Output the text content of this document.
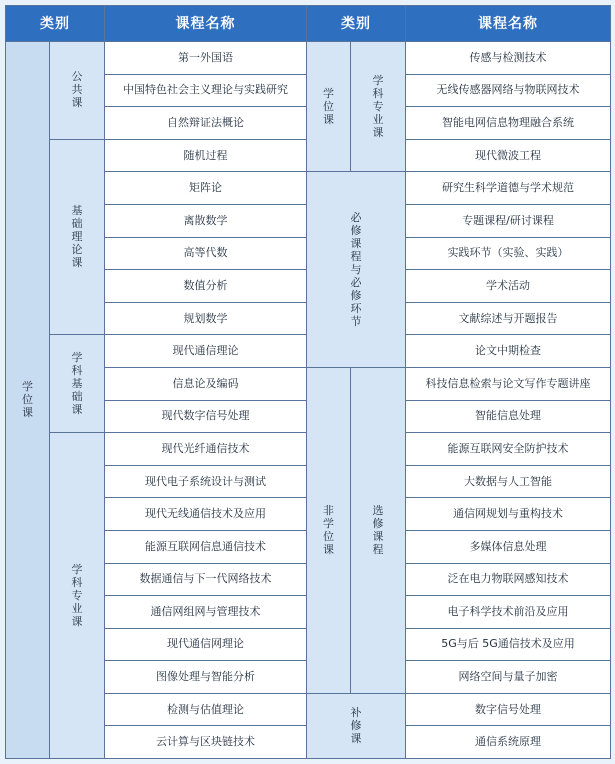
类别		课程名称	类别		课程名称
学位课	公共课	第一外国语	学位课	学科专业课	传感与检测技术
		中国特色社会主义理论与实践研究			无线传感器网络与物联网技术
		自然辩证法概论			智能电网信息物理融合系统
	基础理论课	随机过程			现代微波工程
		矩阵论	必修课程与必修环节		研究生科学道德与学术规范
		离散数学			专题课程/研讨课程
		高等代数			实践环节（实验、实践）
		数值分析			学术活动
		规划数学			文献综述与开题报告
	学科基础课	现代通信理论			论文中期检查
		信息论及编码	非学位课	选修课程	科技信息检索与论文写作专题讲座
		现代数字信号处理			智能信息处理
	学科专业课	现代光纤通信技术			能源互联网安全防护技术
		现代电子系统设计与测试			大数据与人工智能
		现代无线通信技术及应用			通信网规划与重构技术
		能源互联网信息通信技术			多媒体信息处理
		数据通信与下一代网络技术			泛在电力物联网感知技术
		通信网组网与管理技术			电子科学技术前沿及应用
		现代通信网理论			5G与后 5G通信技术及应用
		图像处理与智能分析			网络空间与量子加密
		检测与估值理论	补修课		数字信号处理
		云计算与区块链技术			通信系统原理
